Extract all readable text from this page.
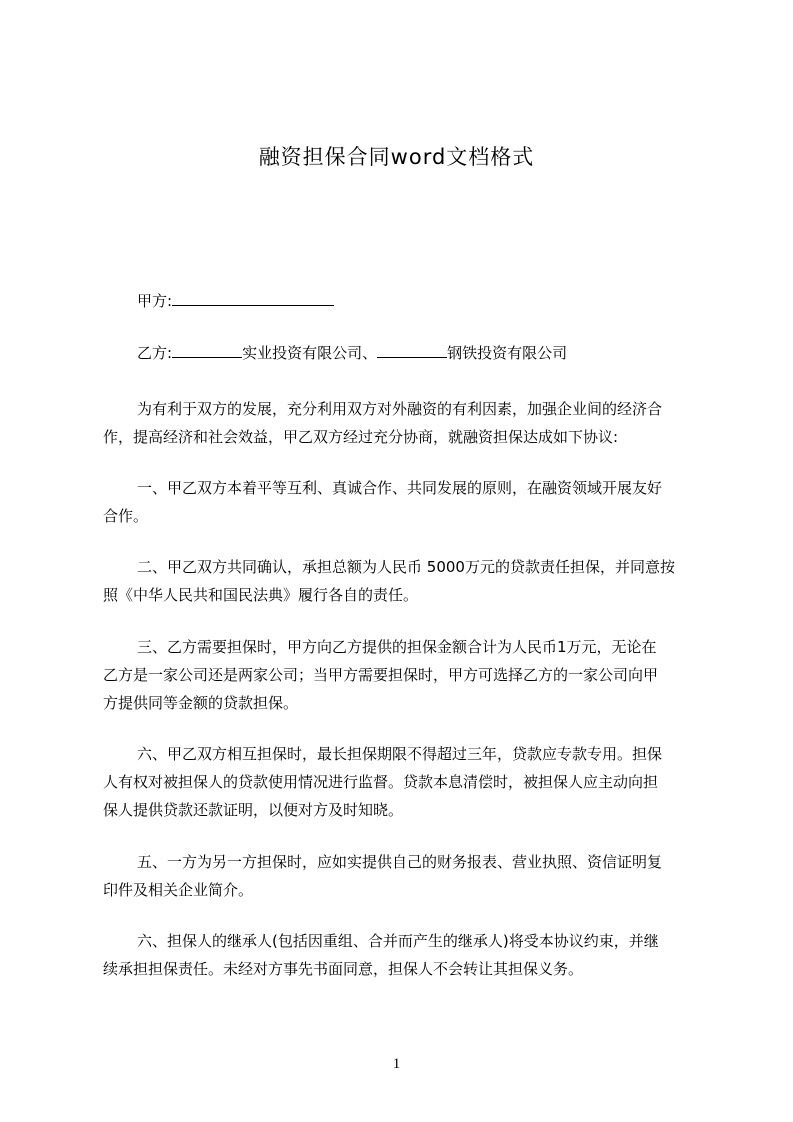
融资担保合同word文档格式
甲方:
乙方:	实业投资有限公司、	钢铁投资有限公司
为有利于双方的发展，充分利用双方对外融资的有利因素，加强企业间的经济合
作，提高经济和社会效益，甲乙双方经过充分协商，就融资担保达成如下协议:
一、甲乙双方本着平等互利、真诚合作、共同发展的原则，在融资领域开展友好
合作。
二、甲乙双方共同确认，承担总额为人民币 5000万元的贷款责任担保，并同意按
照《中华人民共和国民法典》履行各自的责任。
三、乙方需要担保时，甲方向乙方提供的担保金额合计为人民币1万元，无论在
乙方是一家公司还是两家公司；当甲方需要担保时，甲方可选择乙方的一家公司向甲
方提供同等金额的贷款担保。
六、甲乙双方相互担保时，最长担保期限不得超过三年，贷款应专款专用。担保
人有权对被担保人的贷款使用情况进行监督。贷款本息清偿时，被担保人应主动向担
保人提供贷款还款证明，以便对方及时知晓。
五、一方为另一方担保时，应如实提供自己的财务报表、营业执照、资信证明复
印件及相关企业简介。
六、担保人的继承人(包括因重组、合并而产生的继承人)将受本协议约束，并继
续承担担保责任。未经对方事先书面同意，担保人不会转让其担保义务。
1
